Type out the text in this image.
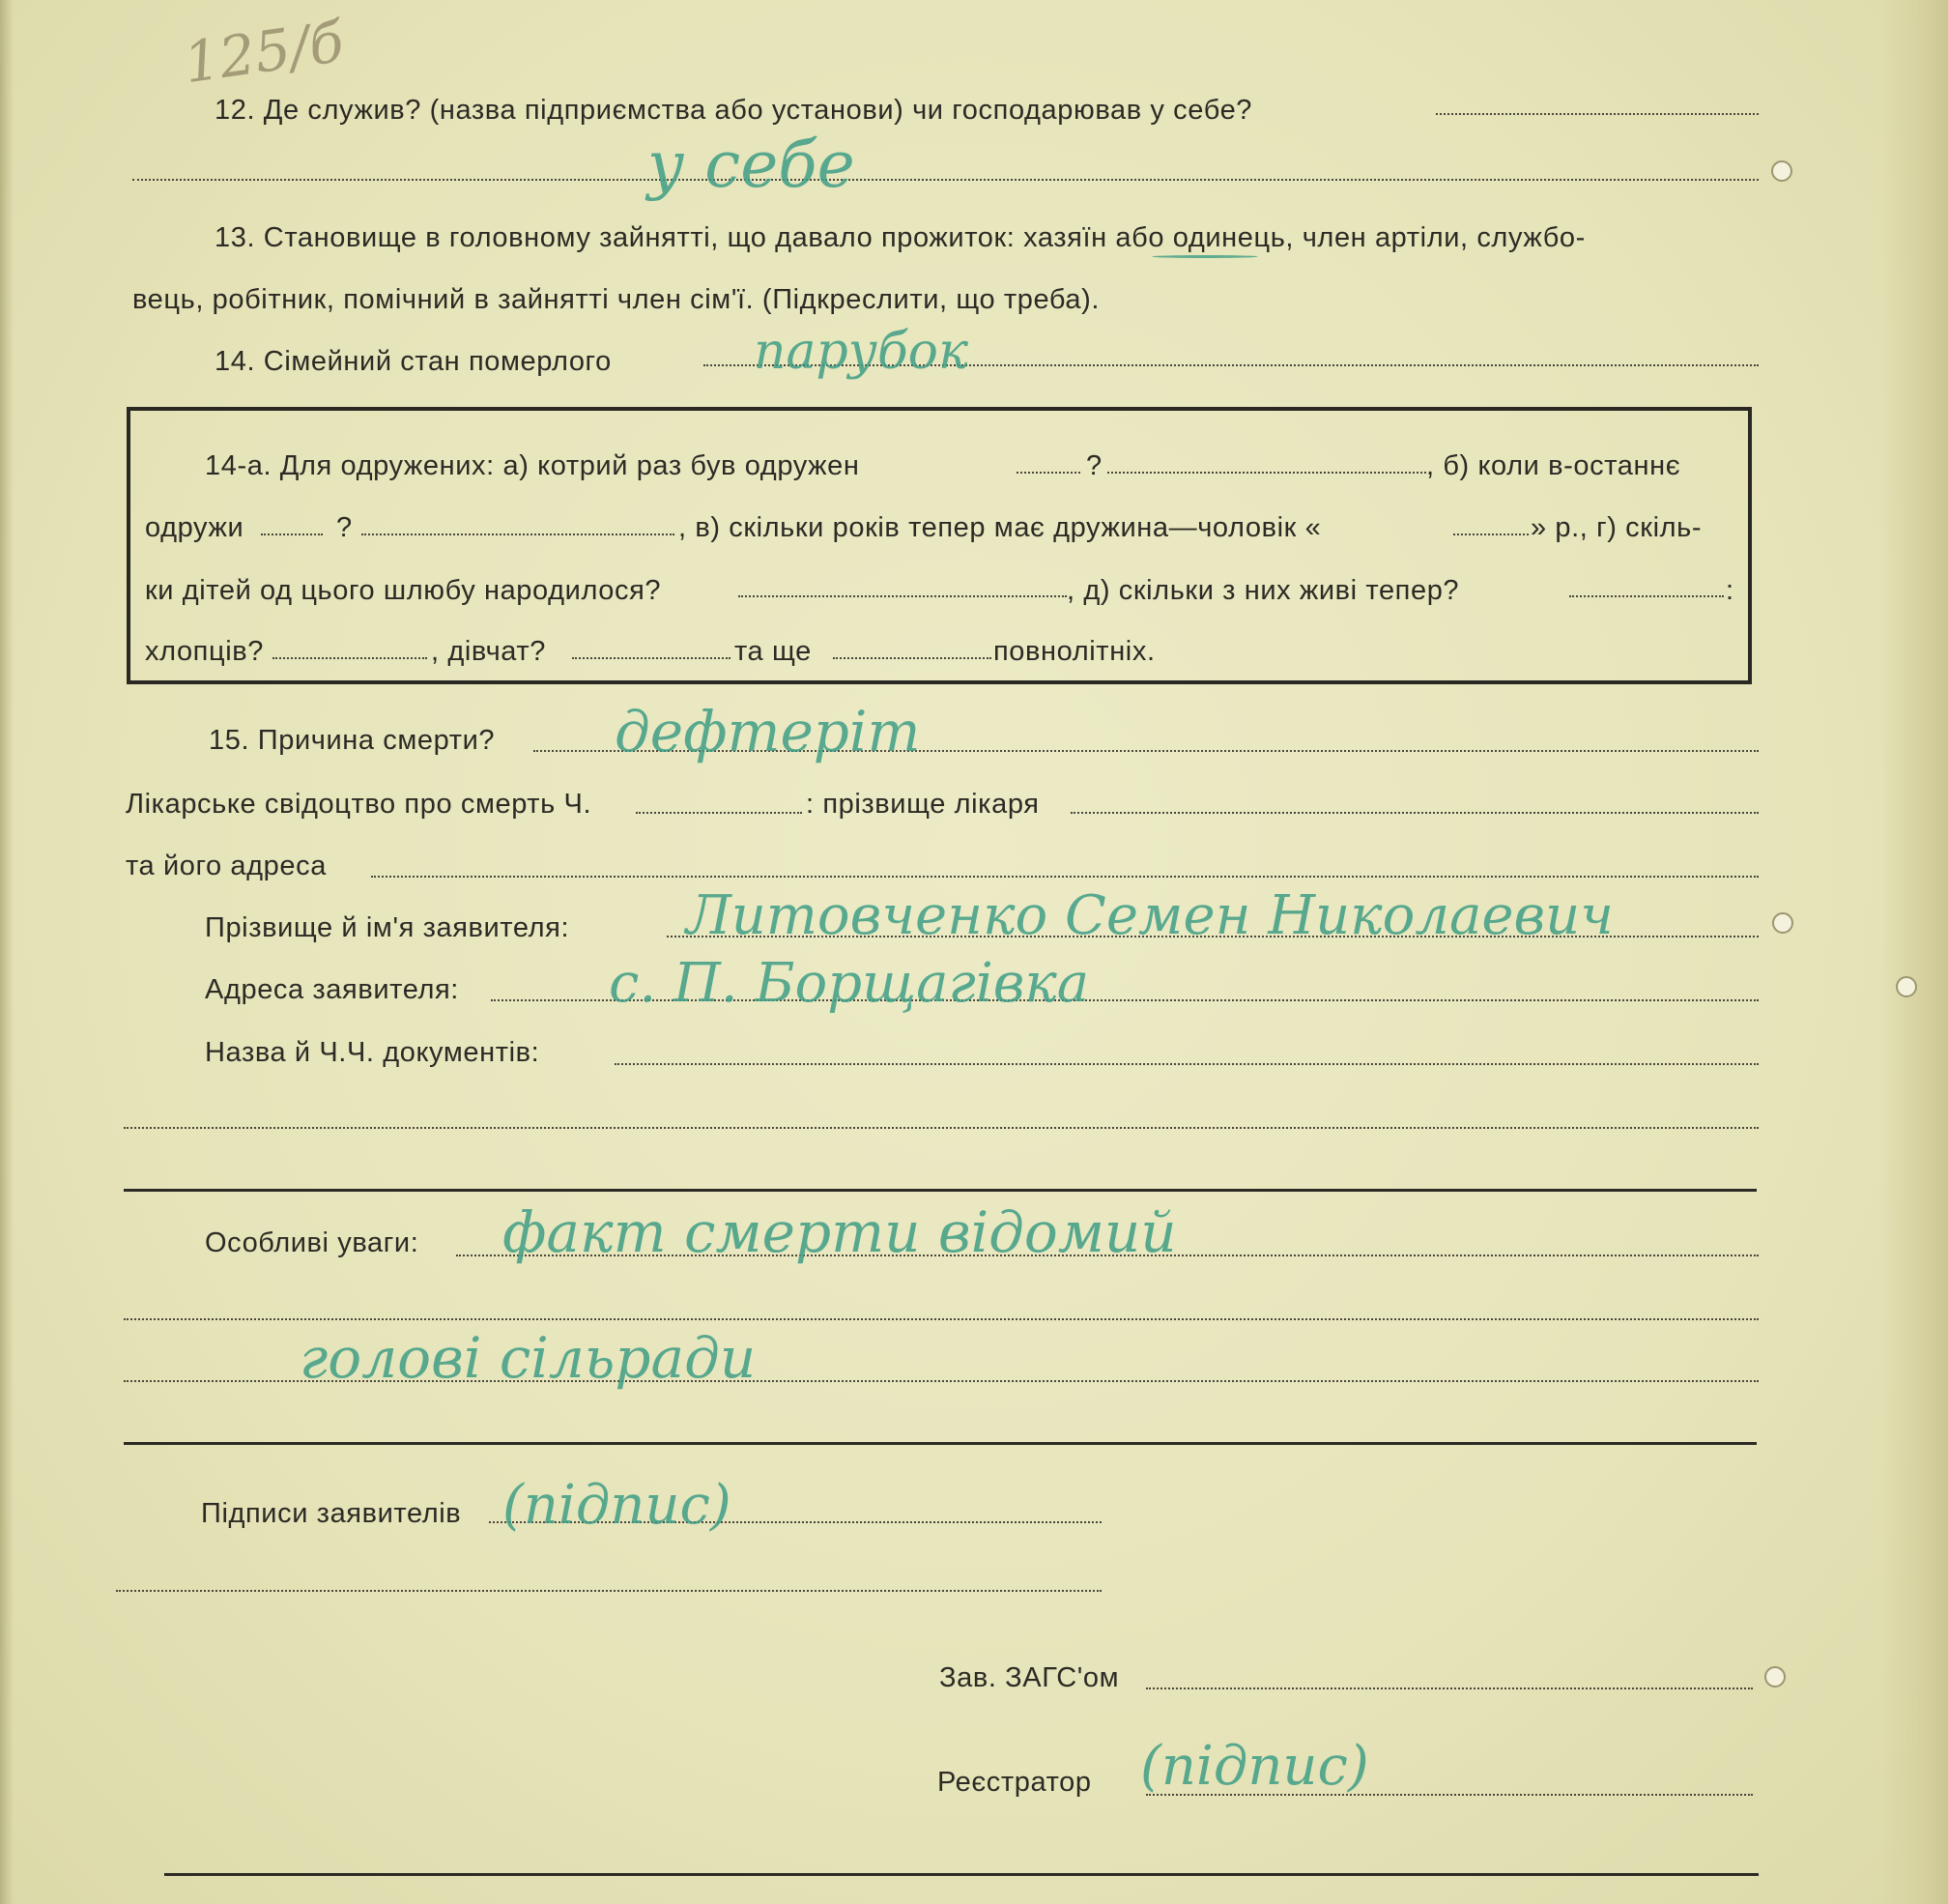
125/б
12. Де служив? (назва підприємства або установи) чи господарював у себе?
у себе
13. Становище в головному зайнятті, що давало прожиток: хазяїн або одинець, член артіли, службо-
вець, робітник, помічний в зайнятті член сім'ї. (Підкреслити, що треба).
14. Сімейний стан померлого	парубок
14-а. Для одружених: а) котрий раз був одружен	?	, б) коли в-останнє
одружи	?	, в) скільки років тепер має дружина—чоловік «	» р., г) скіль-
ки дітей од цього шлюбу народилося?	, д) скільки з них живі тепер?	:
хлопців?	, дівчат?	та ще	повнолітніх.
15. Причина смерти? дефтеріт
Лікарське свідоцтво про смерть Ч.	: прізвище лікаря
та його адреса
Прізвище й ім'я заявителя: Литовченко Семен Николаевич
Адреса заявителя:	с. П. Борщагівка
Назва й Ч.Ч. документів:
Особливі уваги: факт смерти відомий
голові сільради
Підписи заявителів (підпис)
Зав. ЗАГС'ом
Реєстратор (підпис)
